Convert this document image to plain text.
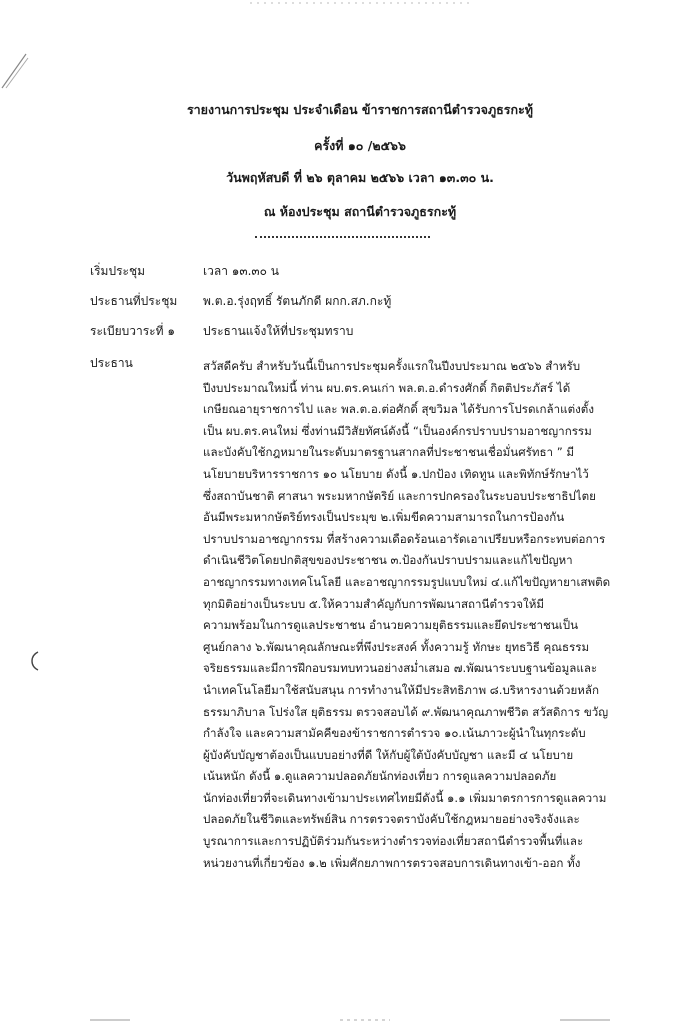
รายงานการประชุม ประจำเดือน ข้าราชการสถานีตำรวจภูธรกะทู้
ครั้งที่ ๑๐ /๒๕๖๖
วันพฤหัสบดี ที่ ๒๖ ตุลาคม ๒๕๖๖ เวลา ๑๓.๓๐ น.
ณ ห้องประชุม สถานีตำรวจภูธรกะทู้
เริ่มประชุม	เวลา ๑๓.๓๐ น
ประธานที่ประชุม	พ.ต.อ.รุ่งฤทธิ์ รัตนภักดี ผกก.สภ.กะทู้
ระเบียบวาระที่ ๑	ประธานแจ้งให้ที่ประชุมทราบ
ประธาน	สวัสดีครับ สำหรับวันนี้เป็นการประชุมครั้งแรกในปีงบประมาณ ๒๕๖๖ สำหรับ
ปีงบประมาณใหม่นี้ ท่าน ผบ.ตร.คนเก่า พล.ต.อ.ดำรงศักดิ์ กิตติประภัสร์ ได้
เกษียณอายุราชการไป และ พล.ต.อ.ต่อศักดิ์ สุขวิมล ได้รับการโปรดเกล้าแต่งตั้ง
เป็น ผบ.ตร.คนใหม่ ซึ่งท่านมีวิสัยทัศน์ดังนี้ “เป็นองค์กรปราบปรามอาชญากรรม
และบังคับใช้กฎหมายในระดับมาตรฐานสากลที่ประชาชนเชื่อมั่นศรัทธา ” มี
นโยบายบริหารราชการ ๑๐ นโยบาย ดังนี้ ๑.ปกป้อง เทิดทูน และพิทักษ์รักษาไว้
ซึ่งสถาบันชาติ ศาสนา พระมหากษัตริย์ และการปกครองในระบอบประชาธิปไตย
อันมีพระมหากษัตริย์ทรงเป็นประมุข ๒.เพิ่มขีดความสามารถในการป้องกัน
ปราบปรามอาชญากรรม ที่สร้างความเดือดร้อนเอารัดเอาเปรียบหรือกระทบต่อการ
ดำเนินชีวิตโดยปกติสุขของประชาชน ๓.ป้องกันปราบปรามและแก้ไขปัญหา
อาชญากรรมทางเทคโนโลยี และอาชญากรรมรูปแบบใหม่ ๔.แก้ไขปัญหายาเสพติด
ทุกมิติอย่างเป็นระบบ ๕.ให้ความสำคัญกับการพัฒนาสถานีตำรวจให้มี
ความพร้อมในการดูแลประชาชน อำนวยความยุติธรรมและยึดประชาชนเป็น
ศูนย์กลาง ๖.พัฒนาคุณลักษณะที่พึงประสงค์ ทั้งความรู้ ทักษะ ยุทธวิธี คุณธรรม
จริยธรรมและมีการฝึกอบรมทบทวนอย่างสม่ำเสมอ ๗.พัฒนาระบบฐานข้อมูลและ
นำเทคโนโลยีมาใช้สนับสนุน การทำงานให้มีประสิทธิภาพ ๘.บริหารงานด้วยหลัก
ธรรมาภิบาล โปร่งใส ยุติธรรม ตรวจสอบได้ ๙.พัฒนาคุณภาพชีวิต สวัสดิการ ขวัญ
กำลังใจ และความสามัคคีของข้าราชการตำรวจ ๑๐.เน้นภาวะผู้นำในทุกระดับ
ผู้บังคับบัญชาต้องเป็นแบบอย่างที่ดี ให้กับผู้ใต้บังคับบัญชา และมี ๔ นโยบาย
เน้นหนัก ดังนี้ ๑.ดูแลความปลอดภัยนักท่องเที่ยว การดูแลความปลอดภัย
นักท่องเที่ยวที่จะเดินทางเข้ามาประเทศไทยมีดังนี้ ๑.๑ เพิ่มมาตรการการดูแลความ
ปลอดภัยในชีวิตและทรัพย์สิน การตรวจตราบังคับใช้กฎหมายอย่างจริงจังและ
บูรณาการและการปฏิบัติร่วมกันระหว่างตำรวจท่องเที่ยวสถานีตำรวจพื้นที่และ
หน่วยงานที่เกี่ยวข้อง ๑.๒ เพิ่มศักยภาพการตรวจสอบการเดินทางเข้า-ออก ทั้ง
